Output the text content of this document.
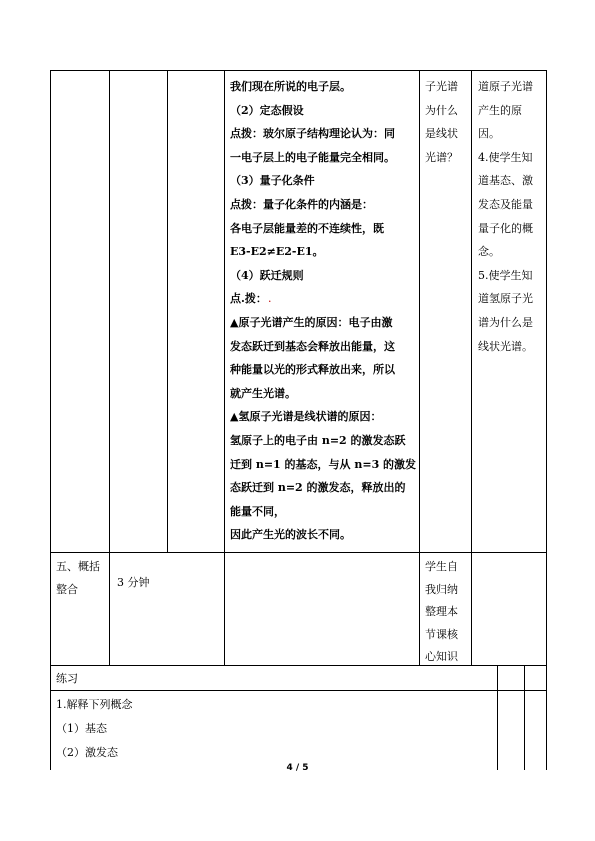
我们现在所说的电子层。
（2）定态假设
点拨：玻尔原子结构理论认为：同
一电子层上的电子能量完全相同。
（3）量子化条件
点拨：量子化条件的内涵是：
各电子层能量差的不连续性，既
E3-E2≠E2-E1。
（4）跃迁规则
点.拨：
▲原子光谱产生的原因：电子由激
发态跃迁到基态会释放出能量，这
种能量以光的形式释放出来，所以
就产生光谱。
▲氢原子光谱是线状谱的原因：
氢原子上的电子由 n=2 的激发态跃
迁到 n=1 的基态，与从 n=3 的激发
态跃迁到 n=2 的激发态，释放出的
能量不同，
因此产生光的波长不同。
.
子光谱
为什么
是线状
光谱？
道原子光谱
产生的原
因。
4.使学生知
道基态、激
发态及能量
量子化的概
念。
5.使学生知
道氢原子光
谱为什么是
线状光谱。
五、概括
整合
3 分钟
学生自
我归纳
整理本
节课核
心知识
练习
1.解释下列概念
（1）基态
（2）激发态
4 / 5
